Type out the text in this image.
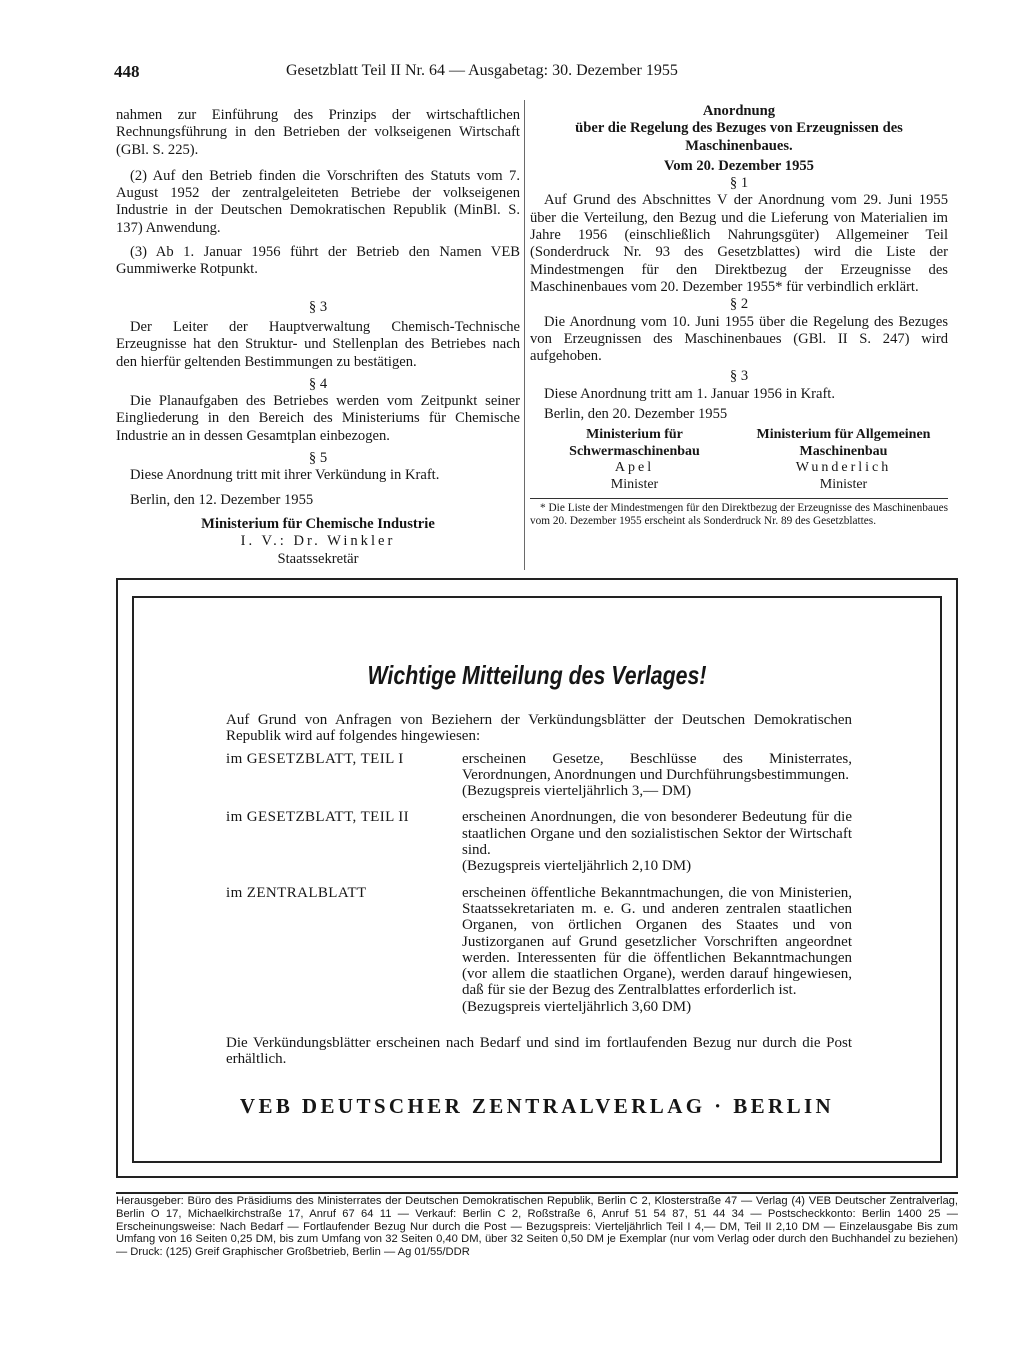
448	Gesetzblatt Teil II Nr. 64 — Ausgabetag: 30. Dezember 1955

nahmen zur Einführung des Prinzips der wirtschaftlichen Rechnungsführung in den Betrieben der volkseigenen Wirtschaft (GBl. S. 225).

(2) Auf den Betrieb finden die Vorschriften des Statuts vom 7. August 1952 der zentralgeleiteten Betriebe der volkseigenen Industrie in der Deutschen Demokratischen Republik (MinBl. S. 137) Anwendung.

(3) Ab 1. Januar 1956 führt der Betrieb den Namen VEB Gummiwerke Rotpunkt.

§ 3

Der Leiter der Hauptverwaltung Chemisch-Technische Erzeugnisse hat den Struktur- und Stellenplan des Betriebes nach den hierfür geltenden Bestimmungen zu bestätigen.

§ 4

Die Planaufgaben des Betriebes werden vom Zeitpunkt seiner Eingliederung in den Bereich des Ministeriums für Chemische Industrie an in dessen Gesamtplan einbezogen.

§ 5

Diese Anordnung tritt mit ihrer Verkündung in Kraft.

Berlin, den 12. Dezember 1955

Ministerium für Chemische Industrie

I. V.: Dr. Winkler

Staatssekretär

Anordnung

über die Regelung des Bezuges von Erzeugnissen des Maschinenbaues.

Vom 20. Dezember 1955

§ 1

Auf Grund des Abschnittes V der Anordnung vom 29. Juni 1955 über die Verteilung, den Bezug und die Lieferung von Materialien im Jahre 1956 (einschließlich Nahrungsgüter) Allgemeiner Teil (Sonderdruck Nr. 93 des Gesetzblattes) wird die Liste der Mindestmengen für den Direktbezug der Erzeugnisse des Maschinenbaues vom 20. Dezember 1955* für verbindlich erklärt.

§ 2

Die Anordnung vom 10. Juni 1955 über die Regelung des Bezuges von Erzeugnissen des Maschinenbaues (GBl. II S. 247) wird aufgehoben.

§ 3

Diese Anordnung tritt am 1. Januar 1956 in Kraft.

Berlin, den 20. Dezember 1955

Ministerium für Schwermaschinenbau
Apel
Minister
Ministerium für Allgemeinen Maschinenbau
Wunderlich
Minister

* Die Liste der Mindestmengen für den Direktbezug der Erzeugnisse des Maschinenbaues vom 20. Dezember 1955 erscheint als Sonderdruck Nr. 89 des Gesetzblattes.

Wichtige Mitteilung des Verlages!

Auf Grund von Anfragen von Beziehern der Verkündungsblätter der Deutschen Demokratischen Republik wird auf folgendes hingewiesen:

im GESETZBLATT, TEIL I	erscheinen Gesetze, Beschlüsse des Ministerrates, Verordnungen, Anordnungen und Durchführungsbestimmungen.
(Bezugspreis vierteljährlich 3,— DM)
im GESETZBLATT, TEIL II	erscheinen Anordnungen, die von besonderer Bedeutung für die staatlichen Organe und den sozialistischen Sektor der Wirtschaft sind.
(Bezugspreis vierteljährlich 2,10 DM)
im ZENTRALBLATT	erscheinen öffentliche Bekanntmachungen, die von Ministerien, Staatssekretariaten m. e. G. und anderen zentralen staatlichen Organen, von örtlichen Organen des Staates und von Justizorganen auf Grund gesetzlicher Vorschriften angeordnet werden. Interessenten für die öffentlichen Bekanntmachungen (vor allem die staatlichen Organe), werden darauf hingewiesen, daß für sie der Bezug des Zentralblattes erforderlich ist.
(Bezugspreis vierteljährlich 3,60 DM)

Die Verkündungsblätter erscheinen nach Bedarf und sind im fortlaufenden Bezug nur durch die Post erhältlich.

VEB DEUTSCHER ZENTRALVERLAG · BERLIN
Herausgeber: Büro des Präsidiums des Ministerrates der Deutschen Demokratischen Republik, Berlin C 2, Klosterstraße 47 — Verlag (4) VEB Deutscher Zentralverlag, Berlin O 17, Michaelkirchstraße 17, Anruf 67 64 11 — Verkauf: Berlin C 2, Roßstraße 6, Anruf 51 54 87, 51 44 34 — Postscheckkonto: Berlin 1400 25 — Erscheinungsweise: Nach Bedarf — Fortlaufender Bezug Nur durch die Post — Bezugspreis: Vierteljährlich Teil I 4,— DM, Teil II 2,10 DM — Einzelausgabe Bis zum Umfang von 16 Seiten 0,25 DM, bis zum Umfang von 32 Seiten 0,40 DM, über 32 Seiten 0,50 DM je Exemplar (nur vom Verlag oder durch den Buchhandel zu beziehen) — Druck: (125) Greif Graphischer Großbetrieb, Berlin — Ag 01/55/DDR
